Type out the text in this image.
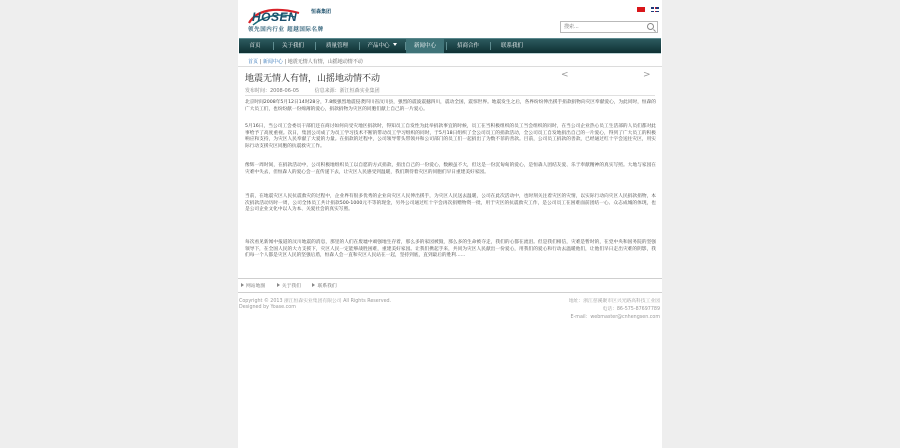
HOSEN	恒森集团
领先国内行业 超越国际名牌
搜索...
首页	关于我们	质量管理	产品中心	新闻中心	招商合作	联系我们
首页 | 新闻中心 | 地震无情人有情，山摇地动情不动
地震无情人有情，山摇地动情不动	<	>
发布时间：2008-06-05	信息来源：浙江恒森实业集团
北京时间2008年5月12日14时28分，7.8级强烈地震侵袭四川省汶川县，强烈的震波震撼四川，震动全国，震惊世界。地震发生之后，各界纷纷伸出援手捐款捐物向灾区奉献爱心，为此同时，恒森的广大员工们，也纷纷献一份绵薄的爱心，捐款捐物为灾区的同胞们献上自己的一片爱心。
5月16日，当公司工会委员干部们还在商讨如何向受灾地区捐款时，得知员工自发性为此举捐款事宜的时候，员工在当积极组织的员工当会组织的同时，在当公司企业热心员工生活部的人员们都对此事给予了高度重视。次日，集团公司成了为员工学习技术不断的带动员工学习组织的同时，于5月18日组织了全公司员工的捐款活动，全公司员工自发地捐出自己的一片爱心，得到了广大员工的积极响应和支持，为灾区人民奉献了大爱的力量。在捐款的过程中，公司领导带头带领并和公司部门的员工们一起捐出了为数不菲的善款。目前，公司员工捐款的善款，已经通过红十字会送往灾区，用实际行动支援灾区同胞的抗震救灾工作。
像辉一周时间，在捐款活动中，公司积极地组织员工以自愿的方式捐款，捐出自己的一份爱心，数额虽不大，但这是一份沉甸甸的爱心，是恒森人团结友爱、乐于奉献精神的真实写照。大地与家园在灾难中失去，但恒森人的爱心会一直传递下去，让灾区人民感受到温暖，我们期待着灾区的同胞们早日重建美好家园。
当前，在地震灾区人民抗震救灾的过程中，企业界有很多优秀的企业向灾区人民伸出援手，为灾区人民送去温暖，公司在此次活动中，也时刻关注着灾区的灾情，以实际行动向灾区人民捐款捐物，本次捐款活动历时一周，公司全体员工共计捐款500-1000元不等的现金，另外公司通过红十字会再次捐赠物资一批，用于灾区的抗震救灾工作，是公司员工在困难面前团结一心、众志成城的体现，也是公司企业文化中以人为本、关爱社会的真实写照。
每次看见新闻中报道的汶川地震的消息，那里的人们在废墟中顽强地生存着，那么多的家园被毁，那么多的生命被夺走，我们的心都在流泪。但是我们相信，灾难是暂时的，在党中央和国务院的坚强领导下，在全国人民的大力支援下，灾区人民一定能够战胜困难，重建美好家园。让我们携起手来，共同为灾区人民献出一份爱心，用我们的爱心和行动去温暖他们，让他们早日走出灾难的阴影，我们每一个人都是灾区人民的坚强后盾，恒森人会一直和灾区人民站在一起，坚持到底，直到最后的胜利……
网站地图	关于我们	联系我们
Copyright © 2013 浙江恒森实业集团有限公司 All Rights Reserved.
Designed by Yoase.com
地址：浙江慈溪聚市区兴光路高科技工业园
电话：86-575-87697789
E-mail：webmaster@cnhengsen.com
